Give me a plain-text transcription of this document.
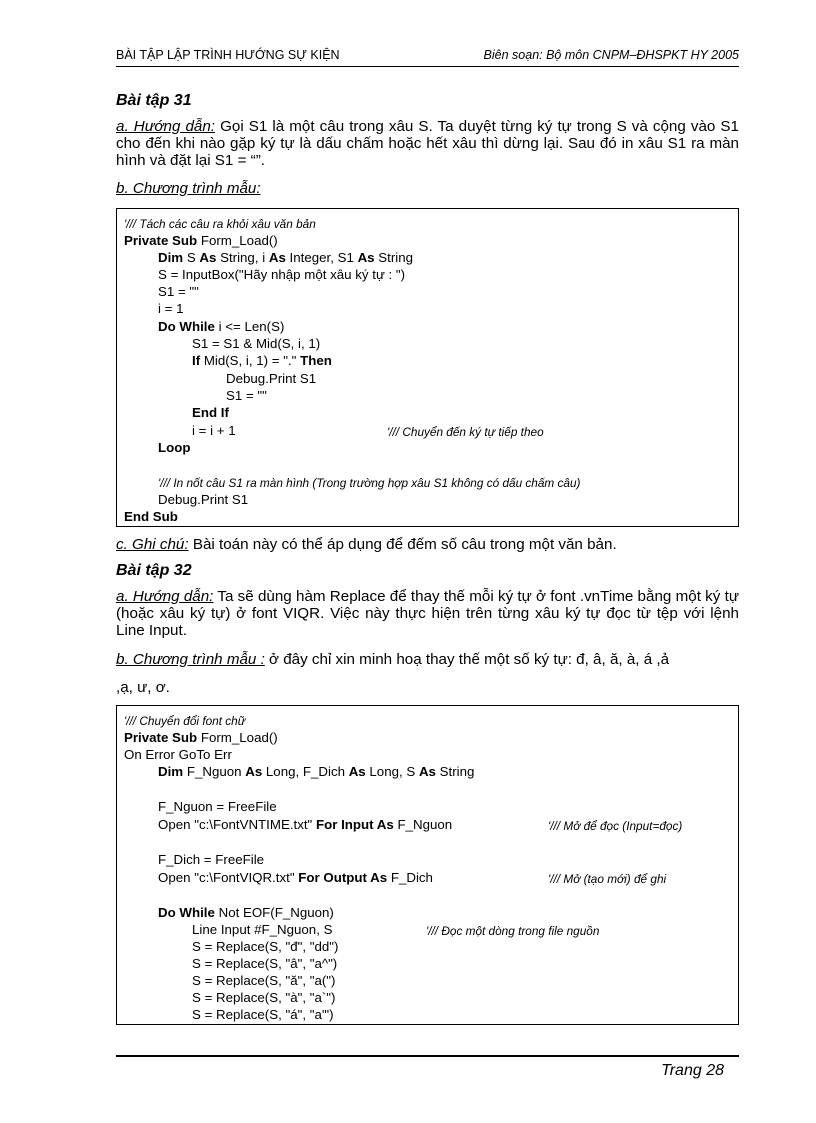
BÀI TẬP LẬP TRÌNH HƯỚNG SỰ KIỆN	Biên soạn: Bộ môn CNPM–ĐHSPKT HY 2005
Bài tập 31
a. Hướng dẫn: Gọi S1 là một câu trong xâu S. Ta duyệt từng ký tự trong S và cộng vào S1 cho đến khi nào gặp ký tự là dấu chấm hoặc hết xâu thì dừng lại. Sau đó in xâu S1 ra màn hình và đặt lại S1 = “”.
b. Chương trình mẫu:
'/// Tách các câu ra khỏi xâu văn bản
Private Sub Form_Load()
Dim S As String, i As Integer, S1 As String
S = InputBox("Hãy nhập một xâu ký tự : ")
S1 = ""
i = 1
Do While i <= Len(S)
S1 = S1 & Mid(S, i, 1)
If Mid(S, i, 1) = "." Then
Debug.Print S1
S1 = ""
End If
i = i + 1	'/// Chuyển đến ký tự tiếp theo
Loop
'/// In nốt câu S1 ra màn hình (Trong trường hợp xâu S1 không có dấu chấm câu)
Debug.Print S1
End Sub
c. Ghi chú: Bài toán này có thể áp dụng để đếm số câu trong một văn bản.
Bài tập 32
a. Hướng dẫn: Ta sẽ dùng hàm Replace để thay thế mỗi ký tự ở font .vnTime bằng một ký tự (hoặc xâu ký tự) ở font VIQR. Việc này thực hiện trên từng xâu ký tự đọc từ tệp với lệnh Line Input.
b. Chương trình mẫu : ở đây chỉ xin minh hoạ thay thế một số ký tự: đ, â, ă, à, á ,ả
,ạ, ư, ơ.
'/// Chuyển đổi font chữ
Private Sub Form_Load()
On Error GoTo Err
Dim F_Nguon As Long, F_Dich As Long, S As String
F_Nguon = FreeFile
Open "c:\FontVNTIME.txt" For Input As F_Nguon	'/// Mở để đọc (Input=đọc)
F_Dich = FreeFile
Open "c:\FontVIQR.txt" For Output As F_Dich	'/// Mở (tạo mới) để ghi
Do While Not EOF(F_Nguon)
Line Input #F_Nguon, S	'/// Đọc một dòng trong file nguồn
S = Replace(S, "đ", "dd")
S = Replace(S, "â", "a^")
S = Replace(S, "ă", "a(")
S = Replace(S, "à", "a`")
S = Replace(S, "á", "a'")
Trang 28
